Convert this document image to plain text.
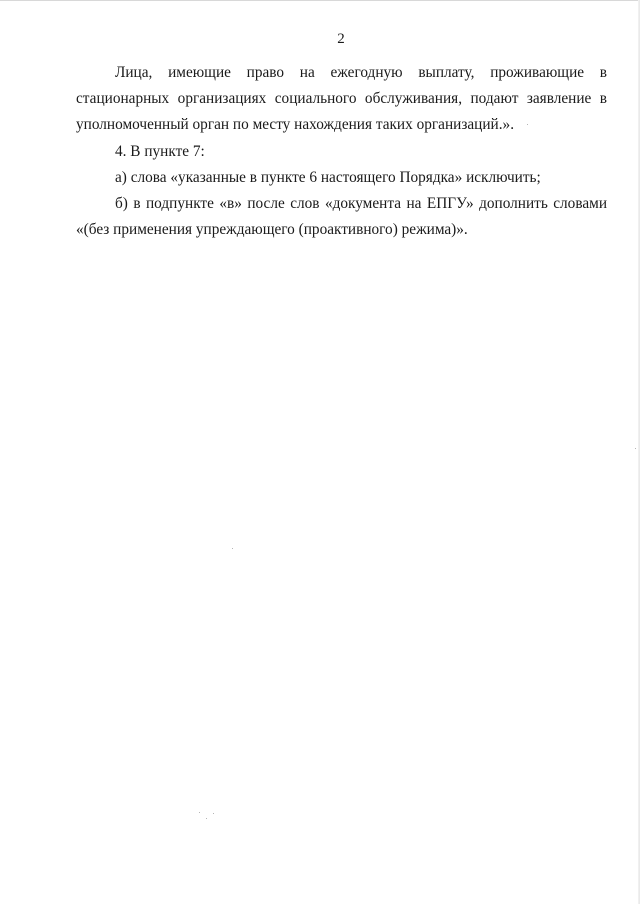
2

Лица, имеющие право на ежегодную выплату, проживающие в стационарных организациях социального обслуживания, подают заявление в уполномоченный орган по месту нахождения таких организаций.».

4. В пункте 7:

а) слова «указанные в пункте 6 настоящего Порядка» исключить;

б) в подпункте «в» после слов «документа на ЕПГУ» дополнить словами «(без применения упреждающего (проактивного) режима)».
